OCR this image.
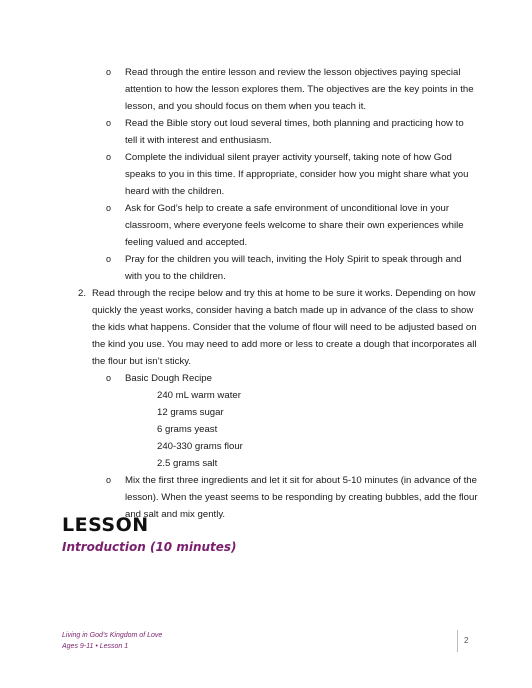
o Read through the entire lesson and review the lesson objectives paying special attention to how the lesson explores them. The objectives are the key points in the lesson, and you should focus on them when you teach it.
o Read the Bible story out loud several times, both planning and practicing how to tell it with interest and enthusiasm.
o Complete the individual silent prayer activity yourself, taking note of how God speaks to you in this time. If appropriate, consider how you might share what you heard with the children.
o Ask for God’s help to create a safe environment of unconditional love in your classroom, where everyone feels welcome to share their own experiences while feeling valued and accepted.
o Pray for the children you will teach, inviting the Holy Spirit to speak through and with you to the children.
2. Read through the recipe below and try this at home to be sure it works. Depending on how quickly the yeast works, consider having a batch made up in advance of the class to show the kids what happens. Consider that the volume of flour will need to be adjusted based on the kind you use. You may need to add more or less to create a dough that incorporates all the flour but isn’t sticky.
o Basic Dough Recipe
240 mL warm water
12 grams sugar
6 grams yeast
240-330 grams flour
2.5 grams salt
o Mix the first three ingredients and let it sit for about 5-10 minutes (in advance of the lesson). When the yeast seems to be responding by creating bubbles, add the flour and salt and mix gently.
LESSON
Introduction (10 minutes)
Living in God’s Kingdom of Love
Ages 9-11 • Lesson 1
2
